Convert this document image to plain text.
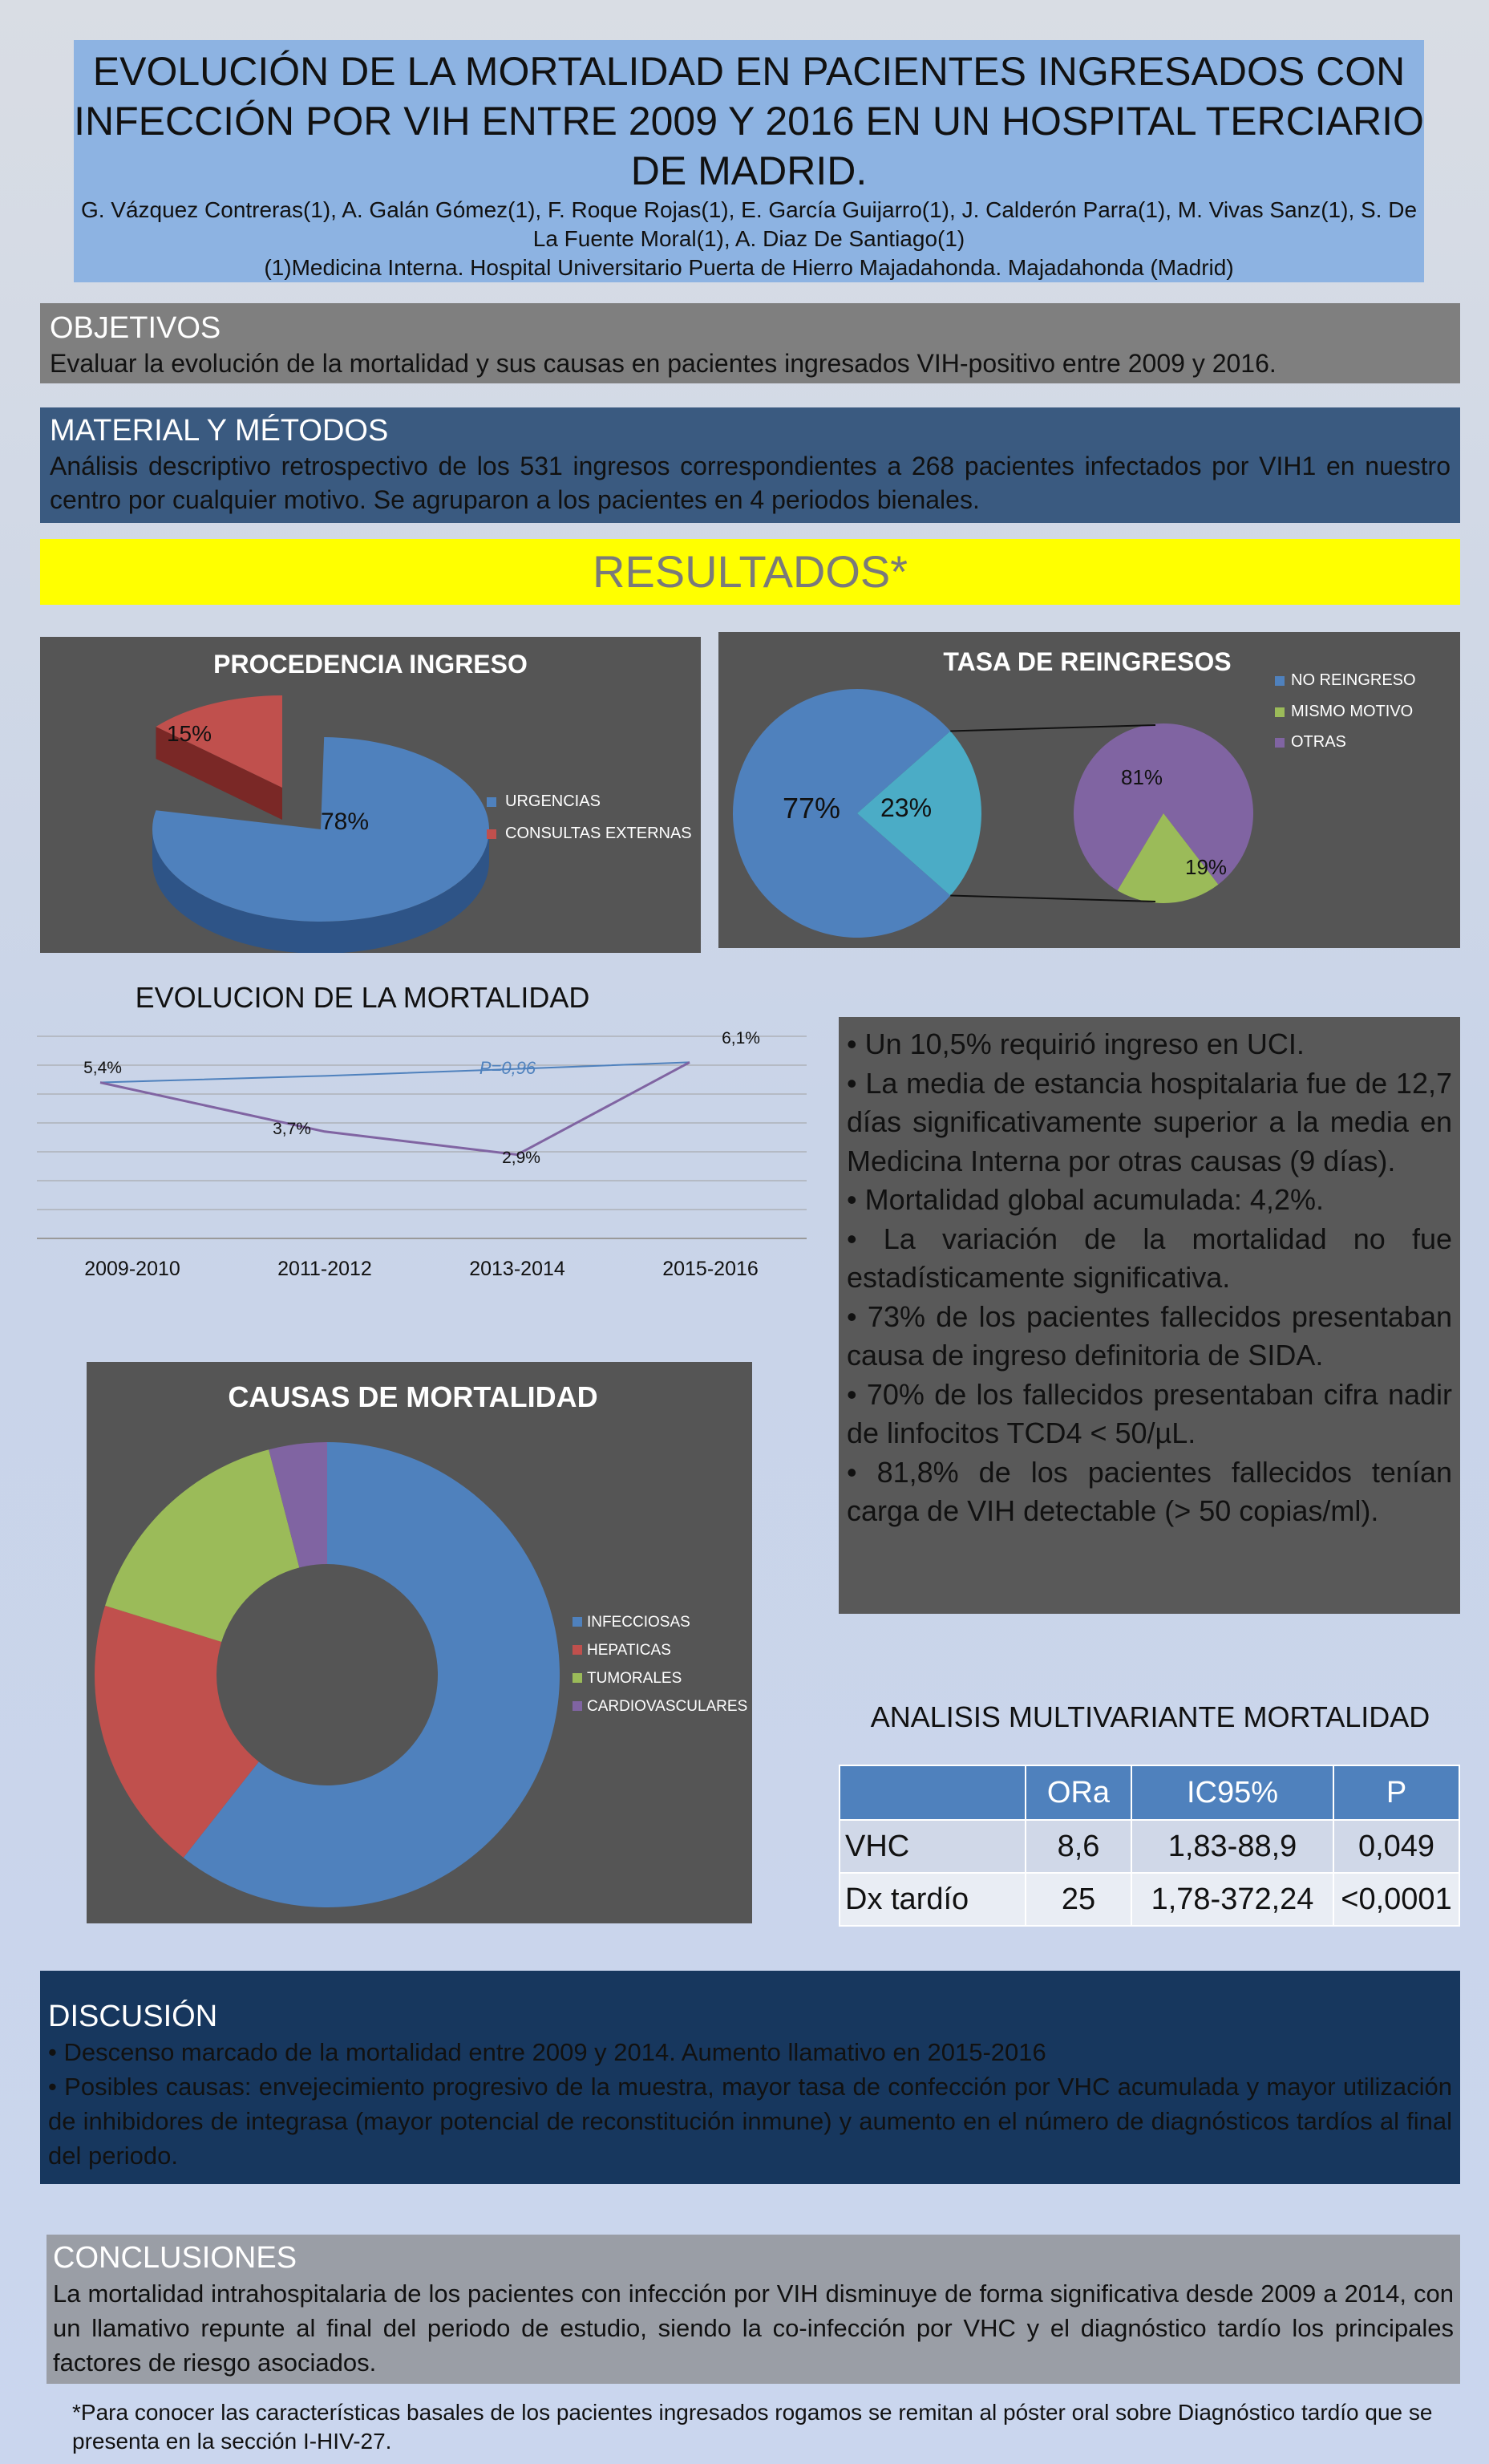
EVOLUCIÓN DE LA MORTALIDAD EN PACIENTES INGRESADOS CON INFECCIÓN POR VIH ENTRE 2009 Y 2016 EN UN HOSPITAL TERCIARIO DE MADRID.
G. Vázquez Contreras(1), A. Galán Gómez(1), F. Roque Rojas(1), E. García Guijarro(1), J. Calderón Parra(1), M. Vivas Sanz(1), S. De La Fuente Moral(1), A. Diaz De Santiago(1)
(1)Medicina Interna. Hospital Universitario Puerta de Hierro Majadahonda. Majadahonda (Madrid)
OBJETIVOS
Evaluar la evolución de la mortalidad y sus causas en pacientes ingresados VIH-positivo entre 2009 y 2016.
MATERIAL Y MÉTODOS
Análisis descriptivo retrospectivo de los 531 ingresos correspondientes a 268 pacientes infectados por VIH1 en nuestro centro por cualquier motivo. Se agruparon a los pacientes en 4 periodos bienales.
RESULTADOS*
PROCEDENCIA INGRESO
78%
15%
URGENCIAS
CONSULTAS EXTERNAS
TASA DE REINGRESOS
77% 23%
81%
19%
NO REINGRESO
MISMO MOTIVO
OTRAS
EVOLUCION DE LA MORTALIDAD
P=0,96
5,4%
3,7%
2,9%
6,1%
2009-2010	2011-2012	2013-2014	2015-2016
CAUSAS DE MORTALIDAD
INFECCIOSAS
HEPATICAS
TUMORALES
CARDIOVASCULARES
• Un 10,5% requirió ingreso en UCI.
• La media de estancia hospitalaria fue de 12,7 días significativamente superior a la media en Medicina Interna por otras causas (9 días).
• Mortalidad global acumulada: 4,2%.
• La variación de la mortalidad no fue estadísticamente significativa.
• 73% de los pacientes fallecidos presentaban causa de ingreso definitoria de SIDA.
• 70% de los fallecidos presentaban cifra nadir de linfocitos TCD4 < 50/µL.
• 81,8% de los pacientes fallecidos tenían carga de VIH detectable (> 50 copias/ml).
ANALISIS MULTIVARIANTE MORTALIDAD
	ORa	IC95%	P
VHC	8,6	1,83-88,9	0,049
Dx tardío	25	1,78-372,24	<0,0001
DISCUSIÓN
• Descenso marcado de la mortalidad entre 2009 y 2014. Aumento llamativo en 2015-2016
• Posibles causas: envejecimiento progresivo de la muestra, mayor tasa de confección por VHC acumulada y mayor utilización de inhibidores de integrasa (mayor potencial de reconstitución inmune) y aumento en el número de diagnósticos tardíos al final del periodo.
CONCLUSIONES
La mortalidad intrahospitalaria de los pacientes con infección por VIH disminuye de forma significativa desde 2009 a 2014, con un llamativo repunte al final del periodo de estudio, siendo la co-infección por VHC y el diagnóstico tardío los principales factores de riesgo asociados.
*Para conocer las características basales de los pacientes ingresados rogamos se remitan al póster oral sobre Diagnóstico tardío que se presenta en la sección I-HIV-27.
